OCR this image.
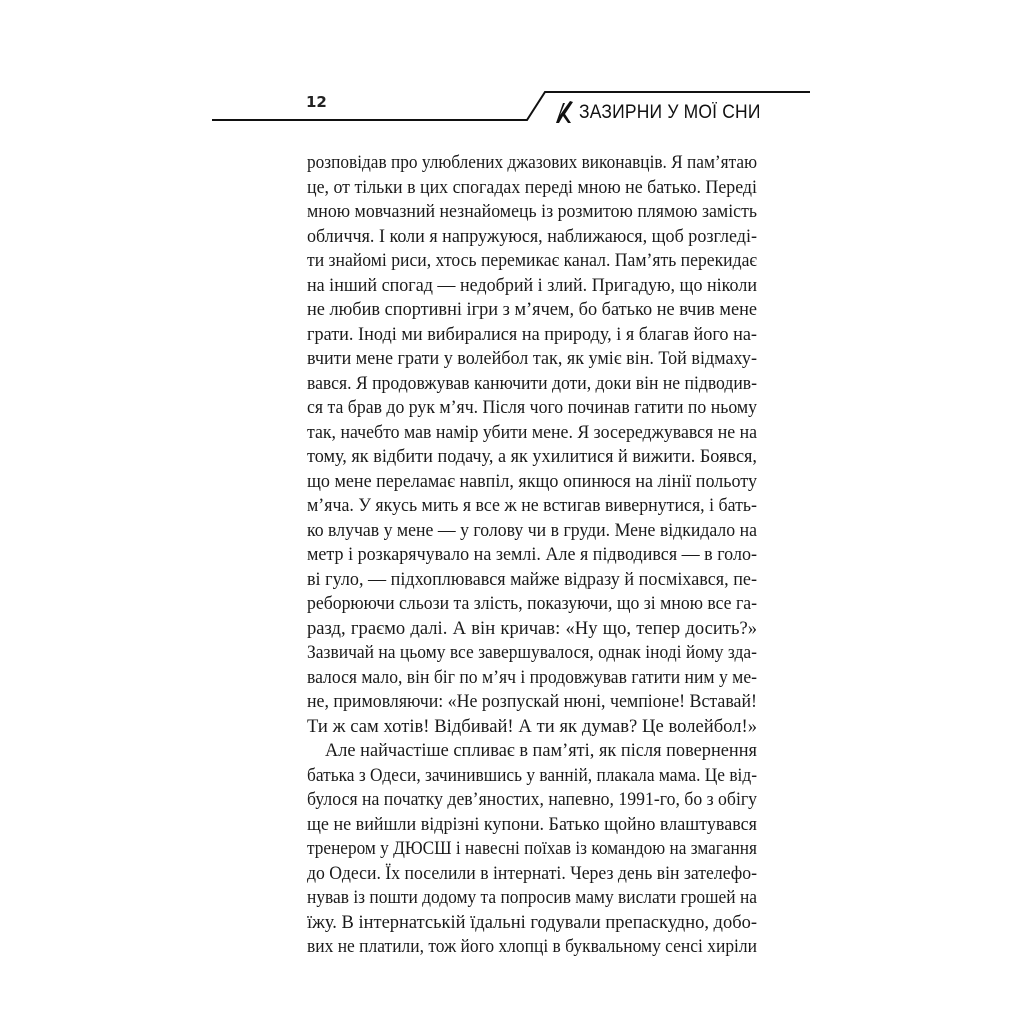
12	ЗАЗИРНИ У МОЇ СНИ
розповідав про улюблених джазових виконавців. Я пам’ятаю
це, от тільки в цих спогадах переді мною не батько. Переді
мною мовчазний незнайомець із розмитою плямою замість
обличчя. І коли я напружуюся, наближаюся, щоб розгледі-
ти знайомі риси, хтось перемикає канал. Пам’ять перекидає
на інший спогад — недобрий і злий. Пригадую, що ніколи
не любив спортивні ігри з м’ячем, бо батько не вчив мене
грати. Іноді ми вибиралися на природу, і я благав його на-
вчити мене грати у волейбол так, як уміє він. Той відмаху-
вався. Я продовжував канючити доти, доки він не підводив-
ся та брав до рук м’яч. Після чого починав гатити по ньому
так, начебто мав намір убити мене. Я зосереджувався не на
тому, як відбити подачу, а як ухилитися й вижити. Боявся,
що мене переламає навпіл, якщо опинюся на лінії польоту
м’яча. У якусь мить я все ж не встигав вивернутися, і бать-
ко влучав у мене — у голову чи в груди. Мене відкидало на
метр і розкарячувало на землі. Але я підводився — в голо-
ві гуло, — підхоплювався майже відразу й посміхався, пе-
реборюючи сльози та злість, показуючи, що зі мною все га-
разд, граємо далі. А він кричав: «Ну що, тепер досить?»
Зазвичай на цьому все завершувалося, однак іноді йому зда-
валося мало, він біг по м’яч і продовжував гатити ним у ме-
не, примовляючи: «Не розпускай нюні, чемпіоне! Вставай!
Ти ж сам хотів! Відбивай! А ти як думав? Це волейбол!»
Але найчастіше спливає в пам’яті, як після повернення
батька з Одеси, зачинившись у ванній, плакала мама. Це від-
булося на початку дев’яностих, напевно, 1991-го, бо з обігу
ще не вийшли відрізні купони. Батько щойно влаштувався
тренером у ДЮСШ і навесні поїхав із командою на змагання
до Одеси. Їх поселили в інтернаті. Через день він зателефо-
нував із пошти додому та попросив маму вислати грошей на
їжу. В інтернатській їдальні годували препаскудно, добо-
вих не платили, тож його хлопці в буквальному сенсі хиріли
